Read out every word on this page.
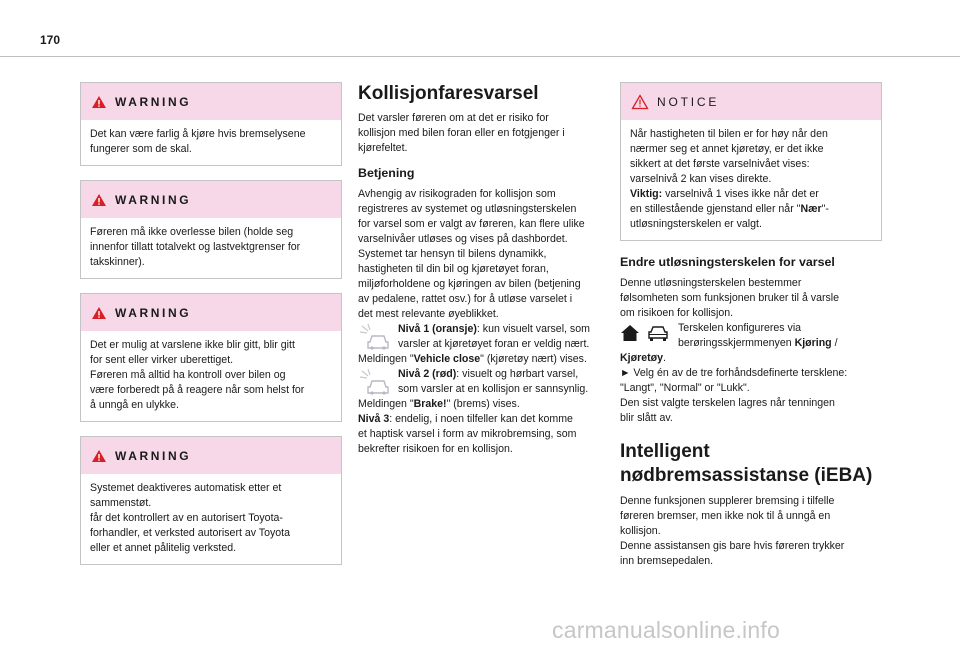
170
WARNING
Det kan være farlig å kjøre hvis bremselysene
fungerer som de skal.
WARNING
Føreren må ikke overlesse bilen (holde seg
innenfor tillatt totalvekt og lastvektgrenser for
takskinner).
WARNING
Det er mulig at varslene ikke blir gitt, blir gitt
for sent eller virker uberettiget.
Føreren må alltid ha kontroll over bilen og
være forberedt på å reagere når som helst for
å unngå en ulykke.
WARNING
Systemet deaktiveres automatisk etter et
sammenstøt.
får det kontrollert av en autorisert Toyota-
forhandler, et verksted autorisert av Toyota
eller et annet pålitelig verksted.
Kollisjonfaresvarsel
Det varsler føreren om at det er risiko for
kollisjon med bilen foran eller en fotgjenger i
kjørefeltet.
Betjening
Avhengig av risikograden for kollisjon som
registreres av systemet og utløsningsterskelen
for varsel som er valgt av føreren, kan flere ulike
varselnivåer utløses og vises på dashbordet.
Systemet tar hensyn til bilens dynamikk,
hastigheten til din bil og kjøretøyet foran,
miljøforholdene og kjøringen av bilen (betjening
av pedalene, rattet osv.) for å utløse varselet i
det mest relevante øyeblikket.
Nivå 1 (oransje): kun visuelt varsel, som
varsler at kjøretøyet foran er veldig nært.
Meldingen "Vehicle close" (kjøretøy nært) vises.
Nivå 2 (rød): visuelt og hørbart varsel,
som varsler at en kollisjon er sannsynlig.
Meldingen "Brake!" (brems) vises.
Nivå 3: endelig, i noen tilfeller kan det komme
et haptisk varsel i form av mikrobremsing, som
bekrefter risikoen for en kollisjon.
NOTICE
Når hastigheten til bilen er for høy når den
nærmer seg et annet kjøretøy, er det ikke
sikkert at det første varselnivået vises:
varselnivå 2 kan vises direkte.
Viktig: varselnivå 1 vises ikke når det er
en stillestående gjenstand eller når "Nær"-
utløsningsterskelen er valgt.
Endre utløsningsterskelen for varsel
Denne utløsningsterskelen bestemmer
følsomheten som funksjonen bruker til å varsle
om risikoen for kollisjon.
Terskelen konfigureres via
berøringsskjermmenyen Kjøring /
Kjøretøy.
► Velg én av de tre forhåndsdefinerte tersklene:
"Langt", "Normal" or "Lukk".
Den sist valgte terskelen lagres når tenningen
blir slått av.
Intelligent
nødbremsassistanse (iEBA)
Denne funksjonen supplerer bremsing i tilfelle
føreren bremser, men ikke nok til å unngå en
kollisjon.
Denne assistansen gis bare hvis føreren trykker
inn bremsepedalen.
carmanualsonline.info
